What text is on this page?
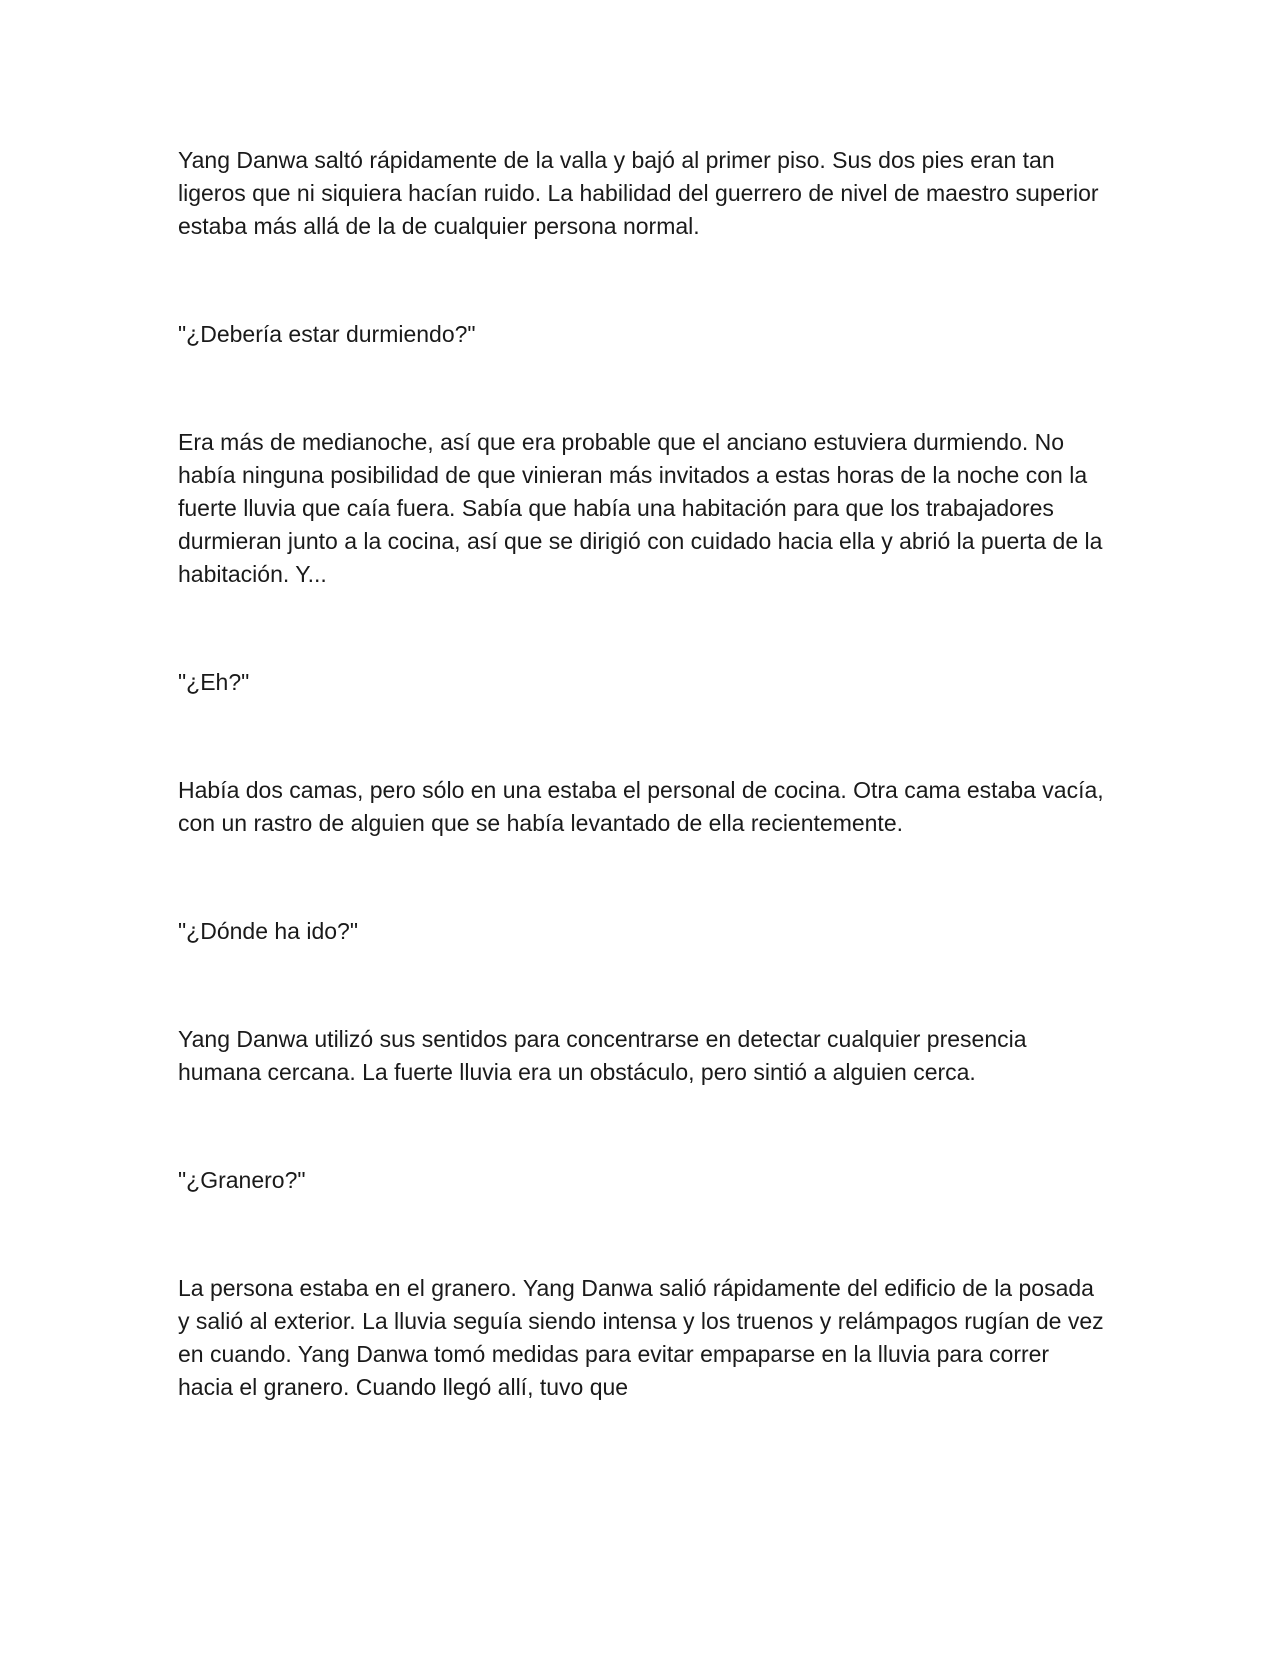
Yang Danwa saltó rápidamente de la valla y bajó al primer piso. Sus dos pies eran tan ligeros que ni siquiera hacían ruido. La habilidad del guerrero de nivel de maestro superior estaba más allá de la de cualquier persona normal.

"¿Debería estar durmiendo?"

Era más de medianoche, así que era probable que el anciano estuviera durmiendo. No había ninguna posibilidad de que vinieran más invitados a estas horas de la noche con la fuerte lluvia que caía fuera. Sabía que había una habitación para que los trabajadores durmieran junto a la cocina, así que se dirigió con cuidado hacia ella y abrió la puerta de la habitación. Y...

"¿Eh?"

Había dos camas, pero sólo en una estaba el personal de cocina. Otra cama estaba vacía, con un rastro de alguien que se había levantado de ella recientemente.

"¿Dónde ha ido?"

Yang Danwa utilizó sus sentidos para concentrarse en detectar cualquier presencia humana cercana. La fuerte lluvia era un obstáculo, pero sintió a alguien cerca.

"¿Granero?"

La persona estaba en el granero. Yang Danwa salió rápidamente del edificio de la posada y salió al exterior. La lluvia seguía siendo intensa y los truenos y relámpagos rugían de vez en cuando. Yang Danwa tomó medidas para evitar empaparse en la lluvia para correr hacia el granero. Cuando llegó allí, tuvo que
